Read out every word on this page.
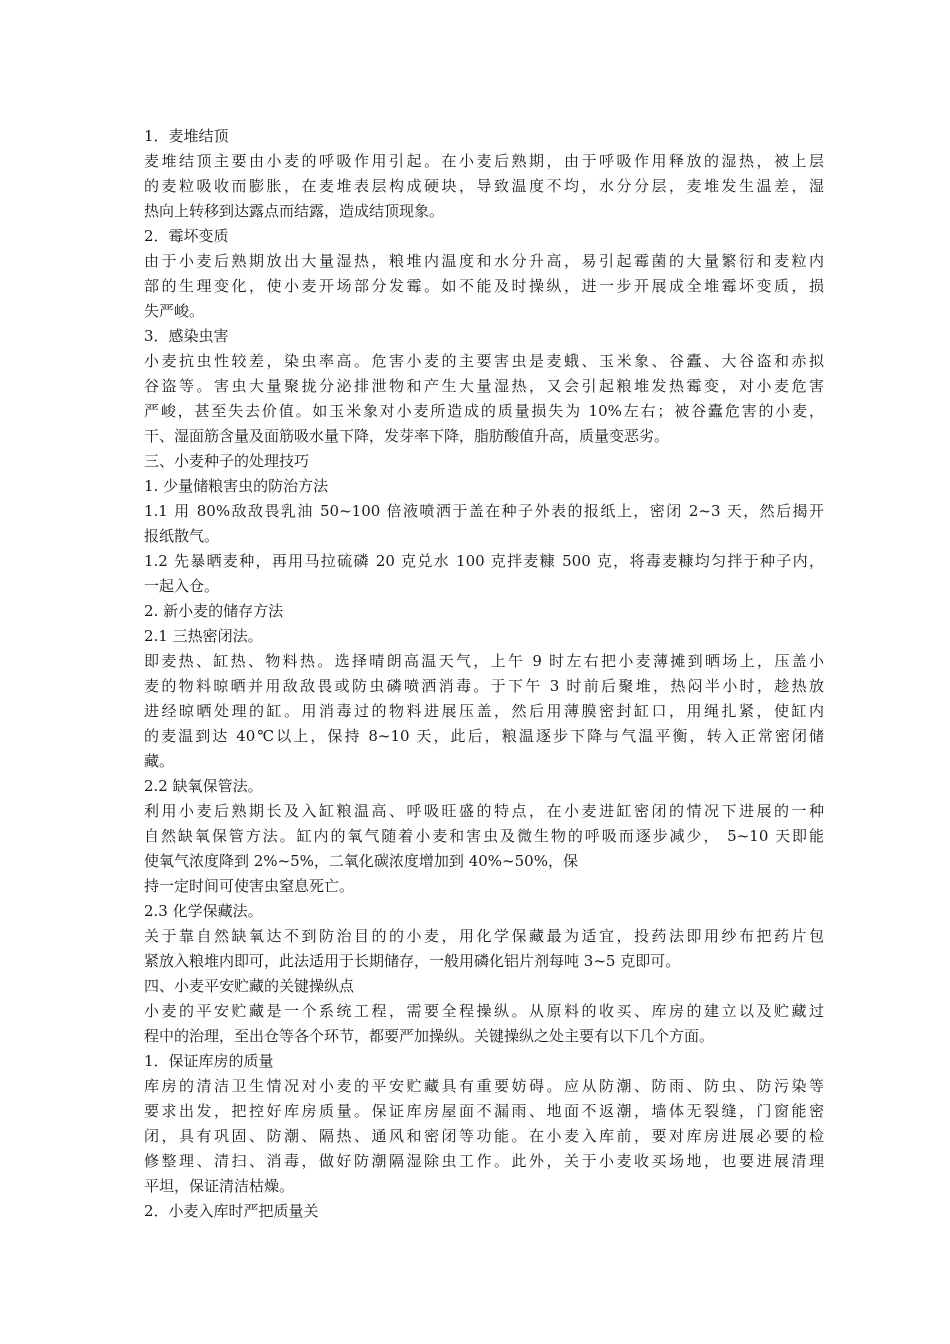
1．麦堆结顶
麦堆结顶主要由小麦的呼吸作用引起。在小麦后熟期，由于呼吸作用释放的湿热，被上层
的麦粒吸收而膨胀，在麦堆表层构成硬块，导致温度不均，水分分层，麦堆发生温差，湿
热向上转移到达露点而结露，造成结顶现象。
2．霉坏变质
由于小麦后熟期放出大量湿热，粮堆内温度和水分升高，易引起霉菌的大量繁衍和麦粒内
部的生理变化，使小麦开场部分发霉。如不能及时操纵，进一步开展成全堆霉坏变质，损
失严峻。
3．感染虫害
小麦抗虫性较差，染虫率高。危害小麦的主要害虫是麦蛾、玉米象、谷蠹、大谷盗和赤拟
谷盗等。害虫大量聚拢分泌排泄物和产生大量湿热，又会引起粮堆发热霉变，对小麦危害
严峻，甚至失去价值。如玉米象对小麦所造成的质量损失为 10%左右；被谷蠹危害的小麦，
干、湿面筋含量及面筋吸水量下降，发芽率下降，脂肪酸值升高，质量变恶劣。
三、小麦种子的处理技巧
1. 少量储粮害虫的防治方法
1.1 用 80%敌敌畏乳油 50~100 倍液喷洒于盖在种子外表的报纸上，密闭 2~3 天，然后揭开
报纸散气。
1.2 先暴晒麦种，再用马拉硫磷 20 克兑水 100 克拌麦糠 500 克，将毒麦糠均匀拌于种子内，
一起入仓。
2. 新小麦的储存方法
2.1 三热密闭法。
即麦热、缸热、物料热。选择晴朗高温天气，上午 9 时左右把小麦薄摊到晒场上，压盖小
麦的物料晾晒并用敌敌畏或防虫磷喷洒消毒。于下午 3 时前后聚堆，热闷半小时，趁热放
进经晾晒处理的缸。用消毒过的物料进展压盖，然后用薄膜密封缸口，用绳扎紧，使缸内
的麦温到达 40℃以上，保持 8~10 天，此后，粮温逐步下降与气温平衡，转入正常密闭储
藏。
2.2 缺氧保管法。
利用小麦后熟期长及入缸粮温高、呼吸旺盛的特点，在小麦进缸密闭的情况下进展的一种
自然缺氧保管方法。缸内的氧气随着小麦和害虫及微生物的呼吸而逐步减少， 5~10 天即能
使氧气浓度降到 2%~5%，二氧化碳浓度增加到 40%~50%，保
持一定时间可使害虫窒息死亡。
2.3 化学保藏法。
关于靠自然缺氧达不到防治目的的小麦，用化学保藏最为适宜，投药法即用纱布把药片包
紧放入粮堆内即可，此法适用于长期储存，一般用磷化铝片剂每吨 3~5 克即可。
四、小麦平安贮藏的关键操纵点
小麦的平安贮藏是一个系统工程，需要全程操纵。从原料的收买、库房的建立以及贮藏过
程中的治理，至出仓等各个环节，都要严加操纵。关键操纵之处主要有以下几个方面。
1．保证库房的质量
库房的清洁卫生情况对小麦的平安贮藏具有重要妨碍。应从防潮、防雨、防虫、防污染等
要求出发，把控好库房质量。保证库房屋面不漏雨、地面不返潮，墙体无裂缝，门窗能密
闭，具有巩固、防潮、隔热、通风和密闭等功能。在小麦入库前，要对库房进展必要的检
修整理、清扫、消毒，做好防潮隔湿除虫工作。此外，关于小麦收买场地，也要进展清理
平坦，保证清洁枯燥。
2．小麦入库时严把质量关
